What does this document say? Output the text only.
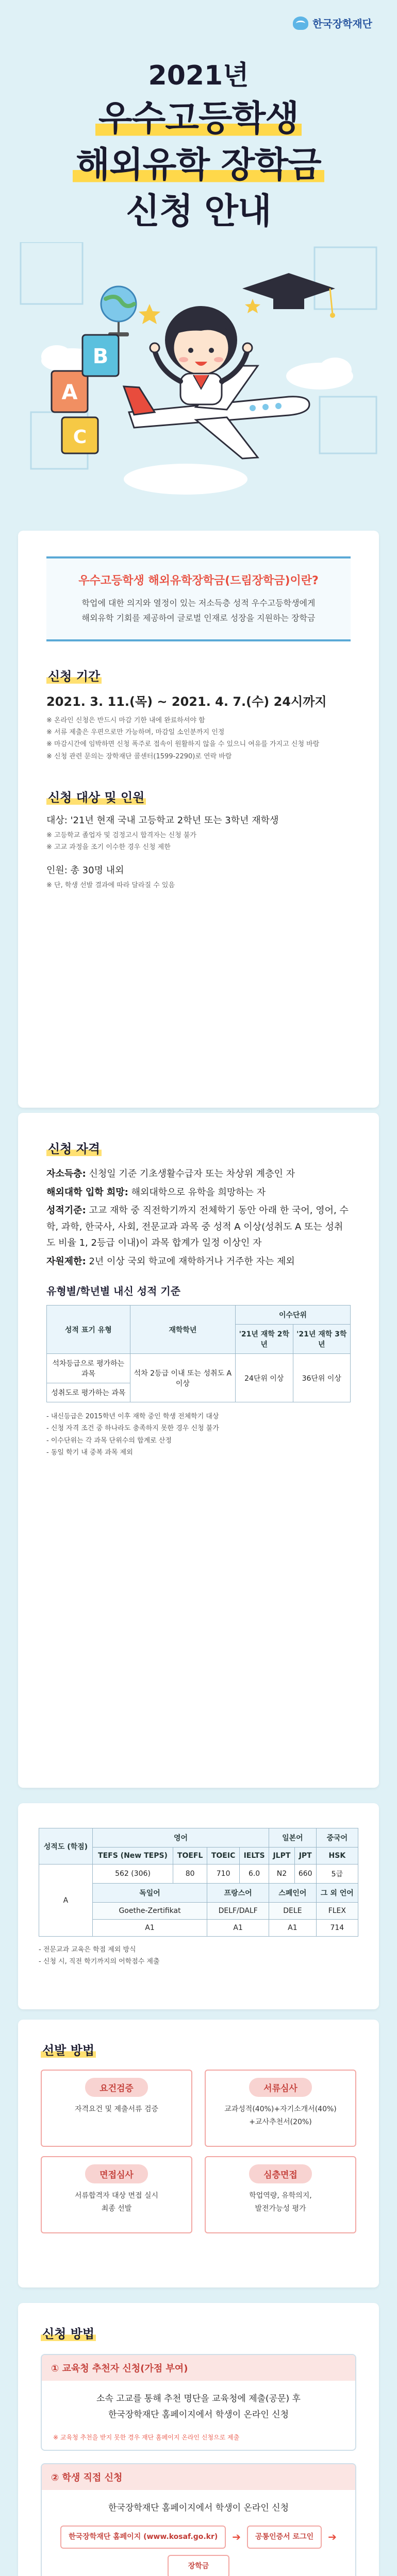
한국장학재단
2021년
우수고등학생
해외유학 장학금
신청 안내
A
B
C
우수고등학생 해외유학장학금(드림장학금)이란?
학업에 대한 의지와 열정이 있는 저소득층 성적 우수고등학생에게
해외유학 기회를 제공하여 글로벌 인재로 성장을 지원하는 장학금
신청 기간
2021. 3. 11.(목) ~ 2021. 4. 7.(수) 24시까지
※ 온라인 신청은 반드시 마감 기한 내에 완료하셔야 함
※ 서류 제출은 우편으로만 가능하며, 마감일 소인분까지 인정
※ 마감시간에 임박하면 신청 폭주로 접속이 원활하지 않을 수 있으니 여유를 가지고 신청 바람
※ 신청 관련 문의는 장학재단 콜센터(1599-2290)로 연락 바람
신청 대상 및 인원
대상: '21년 현재 국내 고등학교 2학년 또는 3학년 재학생
※ 고등학교 졸업자 및 검정고시 합격자는 신청 불가
※ 고교 과정을 조기 이수한 경우 신청 제한
인원: 총 30명 내외
※ 단, 학생 선발 결과에 따라 달라질 수 있음
신청 자격
자소득층: 신청일 기준 기초생활수급자 또는 차상위 계층인 자
해외대학 입학 희망: 해외대학으로 유학을 희망하는 자
성적기준: 고교 재학 중 직전학기까지 전체학기 동안 아래 한 국어, 영어, 수학, 과학, 한국사, 사회, 전문교과 과목 중 성적 A 이상(성취도 A 또는 성취도 비율 1, 2등급 이내)이 과목 합계가 일정 이상인 자
자원제한: 2년 이상 국외 학교에 재학하거나 거주한 자는 제외
유형별/학년별 내신 성적 기준
성적 표기 유형	재학학년	이수단위	
		'21년 재학 2학년	'21년 재학 3학년
석차등급으로 평가하는 과목	석차 2등급 이내 또는 성취도 A 이상	24단위 이상	36단위 이상
성취도로 평가하는 과목			
- 내신등급은 2015학년 이후 재학 중인 학생 전체학기 대상
- 신청 자격 조건 중 하나라도 충족하지 못한 경우 신청 불가
- 이수단위는 각 과목 단위수의 합계로 산정
- 동일 학기 내 중복 과목 제외
성적도 (학점)	영어				일본어		중국어
	TEFS (New TEPS)	TOEFL	TOEIC	IELTS	JLPT	JPT	HSK
A	562 (306)	80	710	6.0	N2	660	5급
	독일어		프랑스어		스페인어		그 외 언어
	Goethe-Zertifikat		DELF/DALF		DELE		FLEX
	A1		A1		A1		714
- 전문교과 교육은 학점 제외 방식
- 신청 시, 직전 학기까지의 어학점수 제출
선발 방법
요건검증
자격요건 및 제출서류 검증
서류심사
교과성적(40%)+자기소개서(40%)
+교사추천서(20%)
면접심사
서류합격자 대상 면접 실시
최종 선발
심층면접
학업역량, 유학의지,
발전가능성 평가
신청 방법
① 교육청 추천자 신청(가점 부여)
소속 고교를 통해 추천 명단을 교육청에 제출(공문) 후
한국장학재단 홈페이지에서 학생이 온라인 신청
※ 교육청 추천을 받지 못한 경우 재단 홈페이지 온라인 신청으로 제출
② 학생 직접 신청
한국장학재단 홈페이지에서 학생이 온라인 신청
한국장학재단 홈페이지 (www.kosaf.go.kr)	➔	공통인증서 로그인	➔
장학금
